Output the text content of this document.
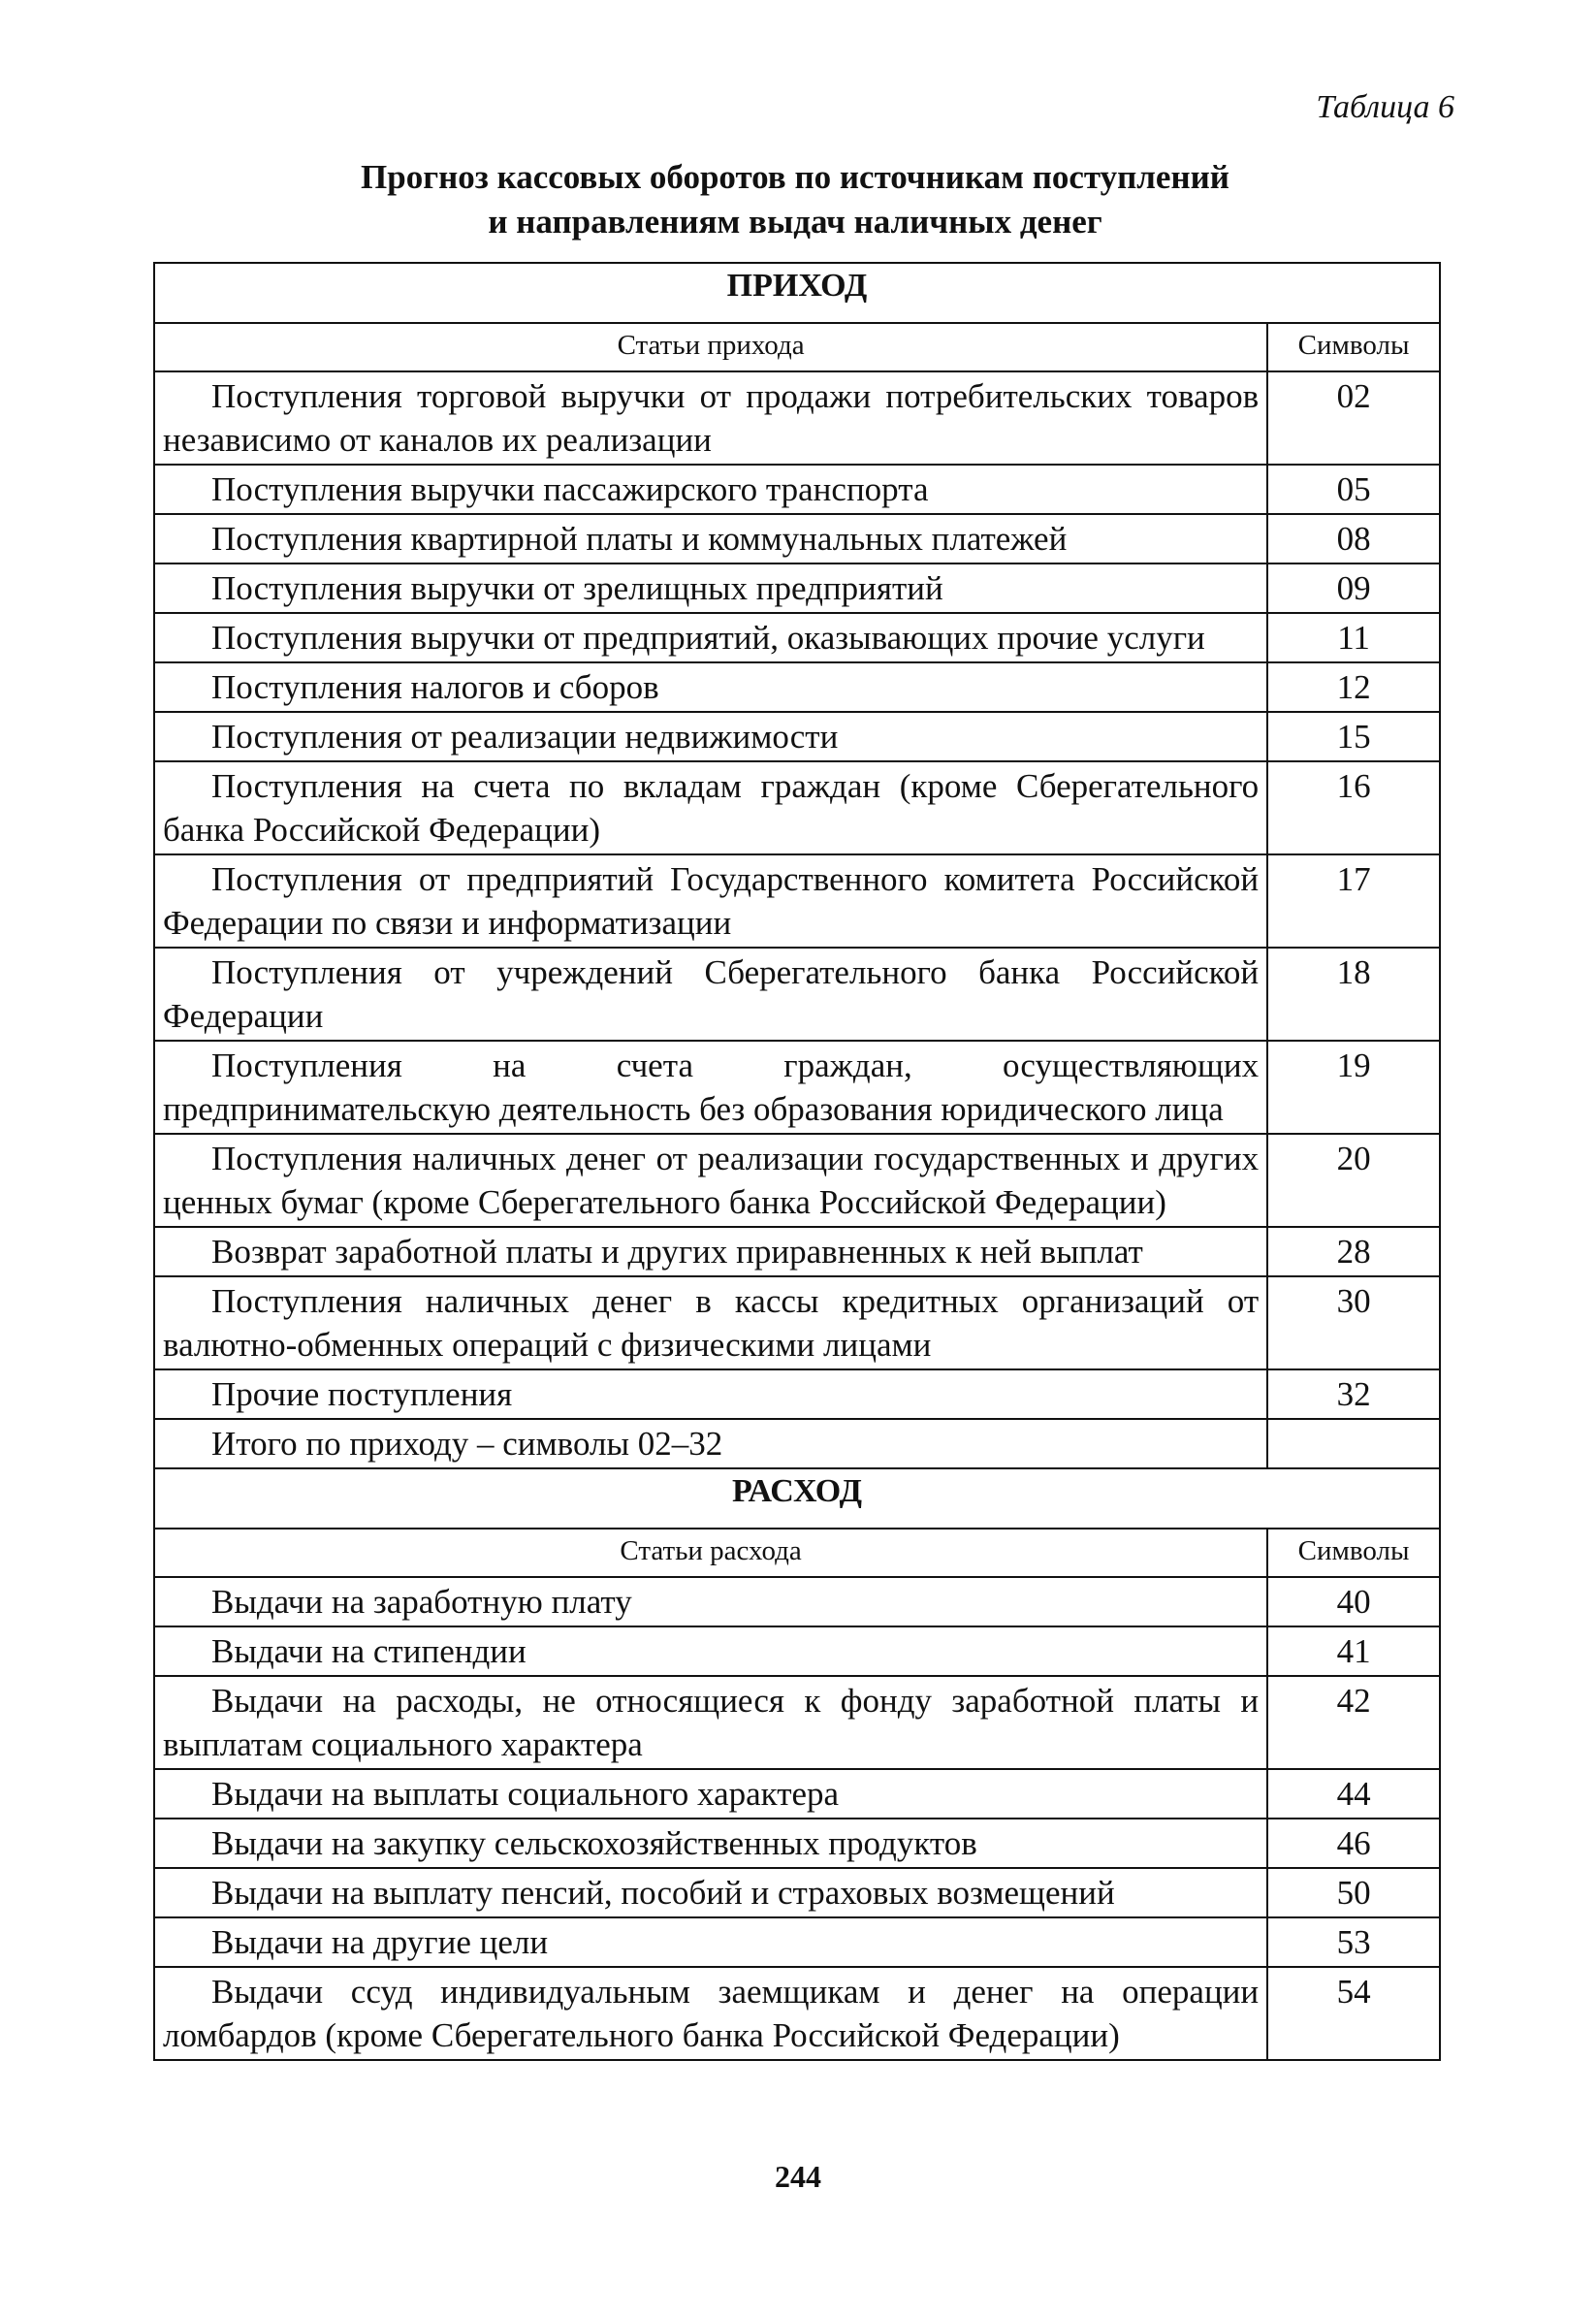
Таблица 6
Прогноз кассовых оборотов по источникам поступлений
и направлениям выдач наличных денег
ПРИХОД	
Статьи прихода	Символы
Поступления торговой выручки от продажи потребительских товаров независимо от каналов их реализации	02
Поступления выручки пассажирского транспорта	05
Поступления квартирной платы и коммунальных платежей	08
Поступления выручки от зрелищных предприятий	09
Поступления выручки от предприятий, оказывающих прочие услуги	11
Поступления налогов и сборов	12
Поступления от реализации недвижимости	15
Поступления на счета по вкладам граждан (кроме Сберегательного банка Российской Федерации)	16
Поступления от предприятий Государственного комитета Российской Федерации по связи и информатизации	17
Поступления от учреждений Сберегательного банка Российской Федерации	18
Поступления на счета граждан, осуществляющих предпринимательскую деятельность без образования юридического лица	19
Поступления наличных денег от реализации государственных и других ценных бумаг (кроме Сберегательного банка Российской Федерации)	20
Возврат заработной платы и других приравненных к ней выплат	28
Поступления наличных денег в кассы кредитных организаций от валютно-обменных операций с физическими лицами	30
Прочие поступления	32
Итого по приходу – символы 02–32	
РАСХОД	
Статьи расхода	Символы
Выдачи на заработную плату	40
Выдачи на стипендии	41
Выдачи на расходы, не относящиеся к фонду заработной платы и выплатам социального характера	42
Выдачи на выплаты социального характера	44
Выдачи на закупку сельскохозяйственных продуктов	46
Выдачи на выплату пенсий, пособий и страховых возмещений	50
Выдачи на другие цели	53
Выдачи ссуд индивидуальным заемщикам и денег на операции ломбардов (кроме Сберегательного банка Российской Федерации)	54
244
